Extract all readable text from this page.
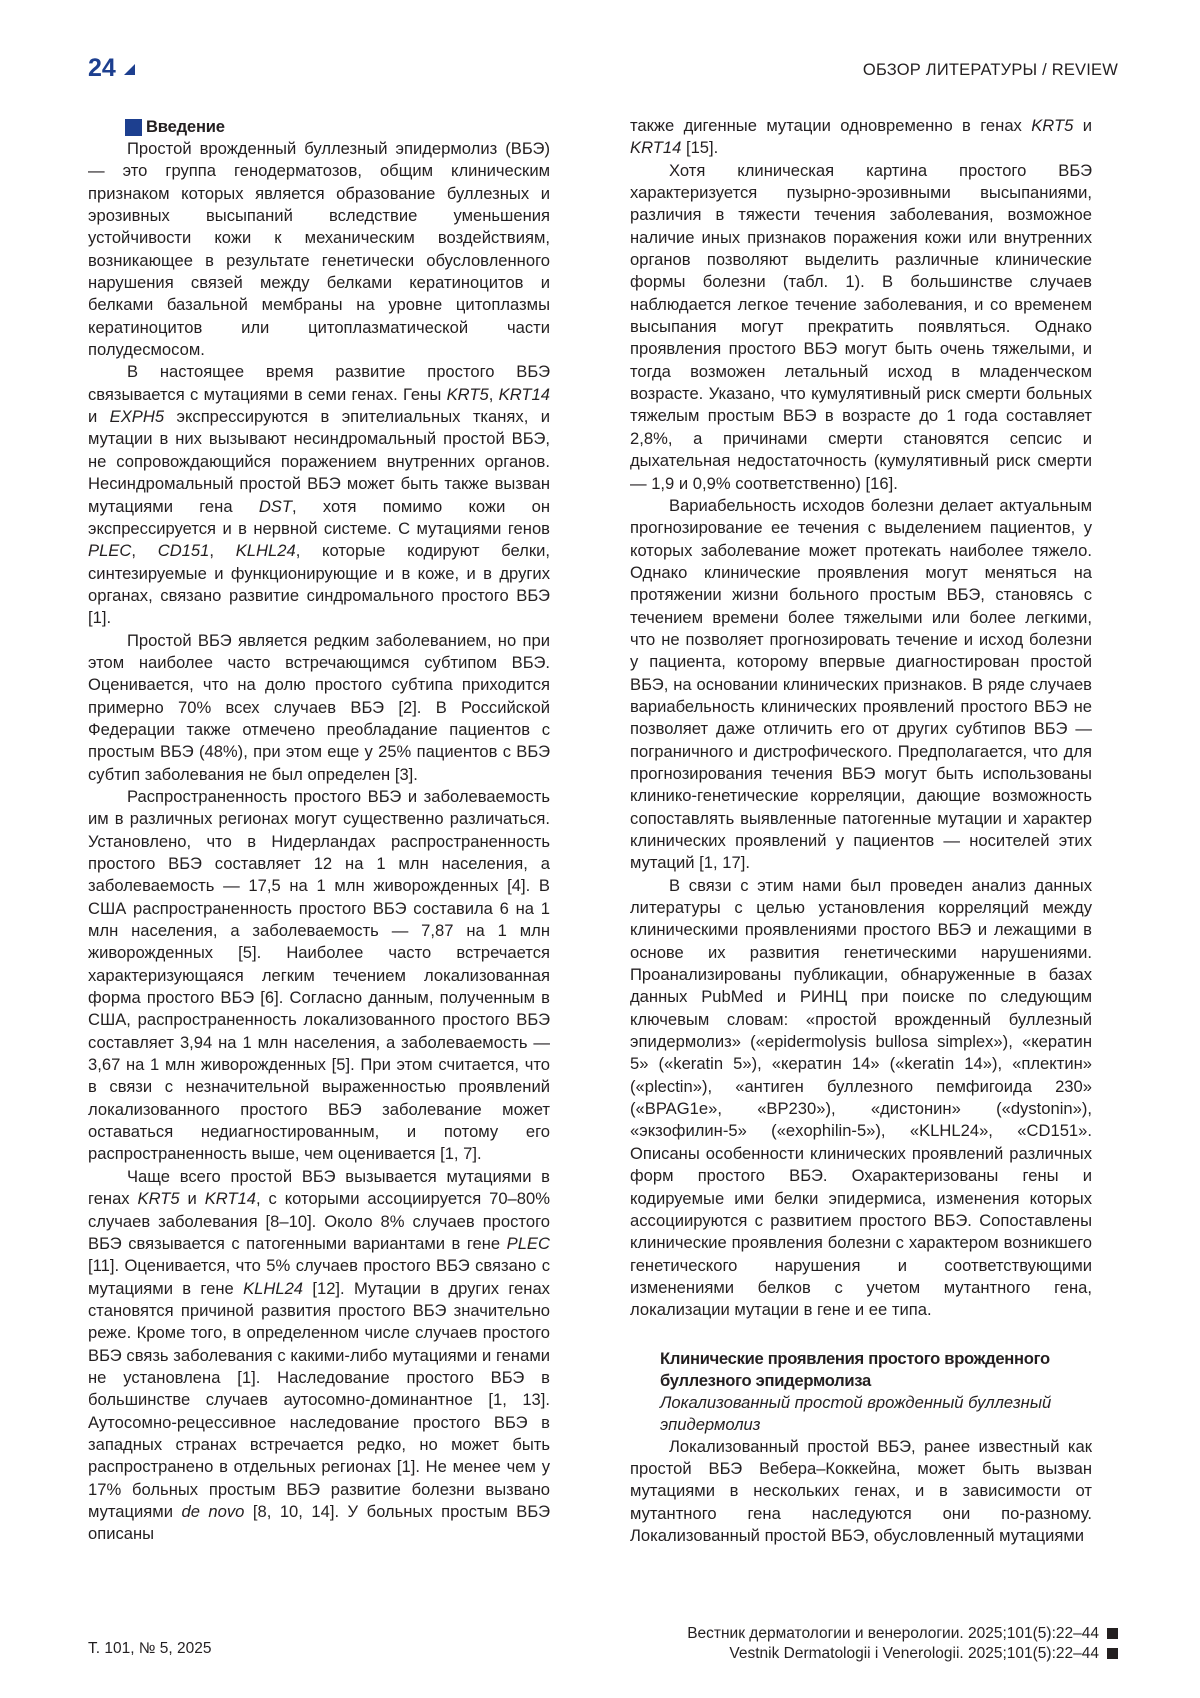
24	ОБЗОР ЛИТЕРАТУРЫ / REVIEW
Введение

Простой врожденный буллезный эпидермолиз (ВБЭ) — это группа генодерматозов, общим клиническим признаком которых является образование буллезных и эрозивных высыпаний вследствие уменьшения устойчивости кожи к механическим воздействиям, возникающее в результате генетически обусловленного нарушения связей между белками кератиноцитов и белками базальной мембраны на уровне цитоплазмы кератиноцитов или цитоплазматической части полудесмосом.

В настоящее время развитие простого ВБЭ связывается с мутациями в семи генах. Гены KRT5, KRT14 и EXPH5 экспрессируются в эпителиальных тканях, и мутации в них вызывают несиндромальный простой ВБЭ, не сопровождающийся поражением внутренних органов. Несиндромальный простой ВБЭ может быть также вызван мутациями гена DST, хотя помимо кожи он экспрессируется и в нервной системе. С мутациями генов PLEC, CD151, KLHL24, которые кодируют белки, синтезируемые и функционирующие и в коже, и в других органах, связано развитие синдромального простого ВБЭ [1].

Простой ВБЭ является редким заболеванием, но при этом наиболее часто встречающимся субтипом ВБЭ. Оценивается, что на долю простого субтипа приходится примерно 70% всех случаев ВБЭ [2]. В Российской Федерации также отмечено преобладание пациентов с простым ВБЭ (48%), при этом еще у 25% пациентов с ВБЭ субтип заболевания не был определен [3].

Распространенность простого ВБЭ и заболеваемость им в различных регионах могут существенно различаться. Установлено, что в Нидерландах распространенность простого ВБЭ составляет 12 на 1 млн населения, а заболеваемость — 17,5 на 1 млн живорожденных [4]. В США распространенность простого ВБЭ составила 6 на 1 млн населения, а заболеваемость — 7,87 на 1 млн живорожденных [5]. Наиболее часто встречается характеризующаяся легким течением локализованная форма простого ВБЭ [6]. Согласно данным, полученным в США, распространенность локализованного простого ВБЭ составляет 3,94 на 1 млн населения, а заболеваемость — 3,67 на 1 млн живорожденных [5]. При этом считается, что в связи с незначительной выраженностью проявлений локализованного простого ВБЭ заболевание может оставаться недиагностированным, и потому его распространенность выше, чем оценивается [1, 7].

Чаще всего простой ВБЭ вызывается мутациями в генах KRT5 и KRT14, с которыми ассоциируется 70–80% случаев заболевания [8–10]. Около 8% случаев простого ВБЭ связывается с патогенными вариантами в гене PLEC [11]. Оценивается, что 5% случаев простого ВБЭ связано с мутациями в гене KLHL24 [12]. Мутации в других генах становятся причиной развития простого ВБЭ значительно реже. Кроме того, в определенном числе случаев простого ВБЭ связь заболевания с какими-либо мутациями и генами не установлена [1]. Наследование простого ВБЭ в большинстве случаев аутосомно-доминантное [1, 13]. Аутосомно-рецессивное наследование простого ВБЭ в западных странах встречается редко, но может быть распространено в отдельных регионах [1]. Не менее чем у 17% больных простым ВБЭ развитие болезни вызвано мутациями de novo [8, 10, 14]. У больных простым ВБЭ описаны

также дигенные мутации одновременно в генах KRT5 и KRT14 [15].

Хотя клиническая картина простого ВБЭ характеризуется пузырно-эрозивными высыпаниями, различия в тяжести течения заболевания, возможное наличие иных признаков поражения кожи или внутренних органов позволяют выделить различные клинические формы болезни (табл. 1). В большинстве случаев наблюдается легкое течение заболевания, и со временем высыпания могут прекратить появляться. Однако проявления простого ВБЭ могут быть очень тяжелыми, и тогда возможен летальный исход в младенческом возрасте. Указано, что кумулятивный риск смерти больных тяжелым простым ВБЭ в возрасте до 1 года составляет 2,8%, а причинами смерти становятся сепсис и дыхательная недостаточность (кумулятивный риск смерти — 1,9 и 0,9% соответственно) [16].

Вариабельность исходов болезни делает актуальным прогнозирование ее течения с выделением пациентов, у которых заболевание может протекать наиболее тяжело. Однако клинические проявления могут меняться на протяжении жизни больного простым ВБЭ, становясь с течением времени более тяжелыми или более легкими, что не позволяет прогнозировать течение и исход болезни у пациента, которому впервые диагностирован простой ВБЭ, на основании клинических признаков. В ряде случаев вариабельность клинических проявлений простого ВБЭ не позволяет даже отличить его от других субтипов ВБЭ — пограничного и дистрофического. Предполагается, что для прогнозирования течения ВБЭ могут быть использованы клинико-генетические корреляции, дающие возможность сопоставлять выявленные патогенные мутации и характер клинических проявлений у пациентов — носителей этих мутаций [1, 17].

В связи с этим нами был проведен анализ данных литературы с целью установления корреляций между клиническими проявлениями простого ВБЭ и лежащими в основе их развития генетическими нарушениями. Проанализированы публикации, обнаруженные в базах данных PubMed и РИНЦ при поиске по следующим ключевым словам: «простой врожденный буллезный эпидермолиз» («epidermolysis bullosa simplex»), «кератин 5» («keratin 5»), «кератин 14» («keratin 14»), «плектин» («plectin»), «антиген буллезного пемфигоида 230» («BPAG1e», «BP230»), «дистонин» («dystonin»), «экзофилин-5» («exophilin-5»), «KLHL24», «CD151». Описаны особенности клинических проявлений различных форм простого ВБЭ. Охарактеризованы гены и кодируемые ими белки эпидермиса, изменения которых ассоциируются с развитием простого ВБЭ. Сопоставлены клинические проявления болезни с характером возникшего генетического нарушения и соответствующими изменениями белков с учетом мутантного гена, локализации мутации в гене и ее типа.

Клинические проявления простого врожденного буллезного эпидермолиза
Локализованный простой врожденный буллезный эпидермолиз

Локализованный простой ВБЭ, ранее известный как простой ВБЭ Вебера–Коккейна, может быть вызван мутациями в нескольких генах, и в зависимости от мутантного гена наследуются они по-разному. Локализованный простой ВБЭ, обусловленный мутациями

Т. 101, № 5, 2025
Вестник дерматологии и венерологии. 2025;101(5):22–44
Vestnik Dermatologii i Venerologii. 2025;101(5):22–44
